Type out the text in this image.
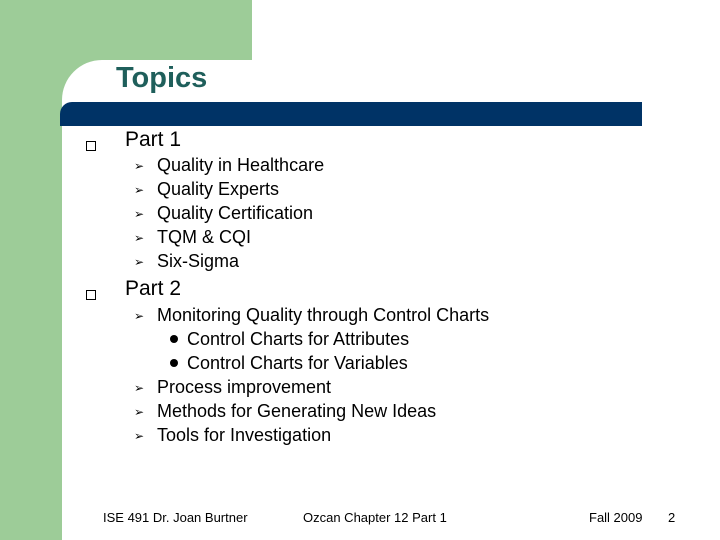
Topics
Part 1
➢ Quality in Healthcare
➢ Quality Experts
➢ Quality Certification
➢ TQM & CQI
➢ Six-Sigma
Part 2
➢ Monitoring Quality through Control Charts
Control Charts for Attributes
Control Charts for Variables
➢ Process improvement
➢ Methods for Generating New Ideas
➢ Tools for Investigation
ISE 491 Dr. Joan Burtner	Ozcan Chapter 12 Part 1	Fall 2009 2
